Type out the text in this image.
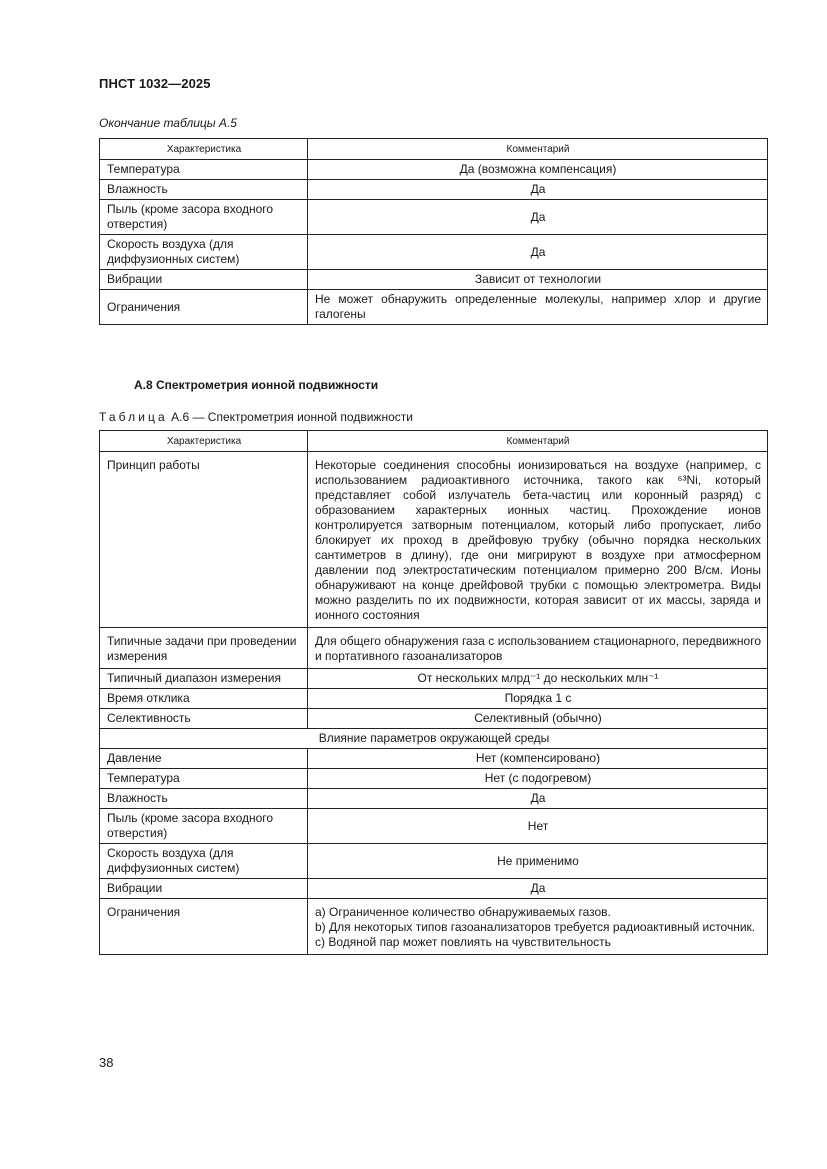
ПНСТ 1032—2025
Окончание таблицы А.5
Характеристика	Комментарий
Температура	Да (возможна компенсация)
Влажность	Да
Пыль (кроме засора входного отверстия)	Да
Скорость воздуха (для диффузионных систем)	Да
Вибрации	Зависит от технологии
Ограничения	Не может обнаружить определенные молекулы, например хлор и другие галогены
А.8 Спектрометрия ионной подвижности
Таблица А.6 — Спектрометрия ионной подвижности
Характеристика	Комментарий
Принцип работы	Некоторые соединения способны ионизироваться на воздухе (например, с использованием радиоактивного источника, такого как ⁶³Ni, который представляет собой излучатель бета-частиц или коронный разряд) с образованием характерных ионных частиц. Прохождение ионов контролируется затворным потенциалом, который либо пропускает, либо блокирует их проход в дрейфовую трубку (обычно порядка нескольких сантиметров в длину), где они мигрируют в воздухе при атмосферном давлении под электростатическим потенциалом примерно 200 В/см. Ионы обнаруживают на конце дрейфовой трубки с помощью электрометра. Виды можно разделить по их подвижности, которая зависит от их массы, заряда и ионного состояния
Типичные задачи при проведении измерения	Для общего обнаружения газа с использованием стационарного, передвижного и портативного газоанализаторов
Типичный диапазон измерения	От нескольких млрд⁻¹ до нескольких млн⁻¹
Время отклика	Порядка 1 с
Селективность	Селективный (обычно)
Влияние параметров окружающей среды	
Давление	Нет (компенсировано)
Температура	Нет (с подогревом)
Влажность	Да
Пыль (кроме засора входного отверстия)	Нет
Скорость воздуха (для диффузионных систем)	Не применимо
Вибрации	Да
Ограничения	a) Ограниченное количество обнаруживаемых газов.
b) Для некоторых типов газоанализаторов требуется радиоактивный источник.
c) Водяной пар может повлиять на чувствительность
38
